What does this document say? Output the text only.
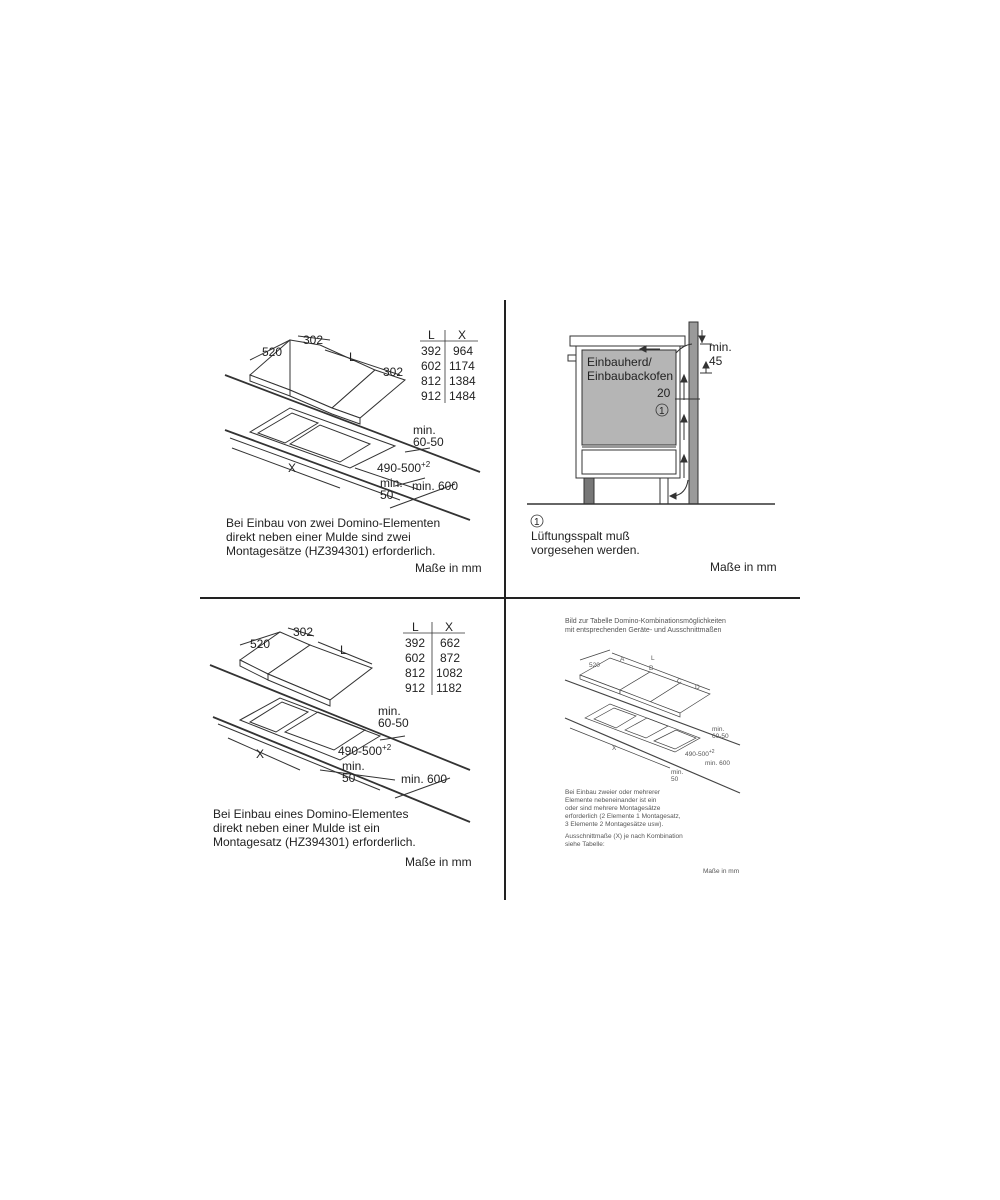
520
302
L
302
min.
60-50
$490-500^{+2}$
X
min.
50
min. 600
L X
392 964
602 1174
812 1384
912 1484
Bei Einbau von zwei Domino-Elementen
direkt neben einer Mulde sind zwei
Montagesätze (HZ394301) erforderlich.
Maße in mm
Einbauherd/
Einbaubackofen
min.
45
20
1
1
Lüftungsspalt muß
vorgesehen werden.
Maße in mm
520
302
L
min.
60-50
$490-500^{+2}$
X
min.
50	min. 600
L X
392 662
602 872
812 1082
912 1182
Bei Einbau eines Domino-Elementes
direkt neben einer Mulde ist ein
Montagesatz (HZ394301) erforderlich.
Maße in mm
Bild zur Tabelle Domino-Kombinationsmöglichkeiten
mit entsprechenden Geräte- und Ausschnittmaßen
520
A	L
B
C
D
min.
60-50
$490-500^{+2}$
X
min.
50
min. 600
Bei Einbau zweier oder mehrerer
Elemente nebeneinander ist ein
oder sind mehrere Montagesätze
erforderlich (2 Elemente 1 Montagesatz,
3 Elemente 2 Montagesätze usw).
Ausschnittmaße (X) je nach Kombination
siehe Tabelle:
Maße in mm
